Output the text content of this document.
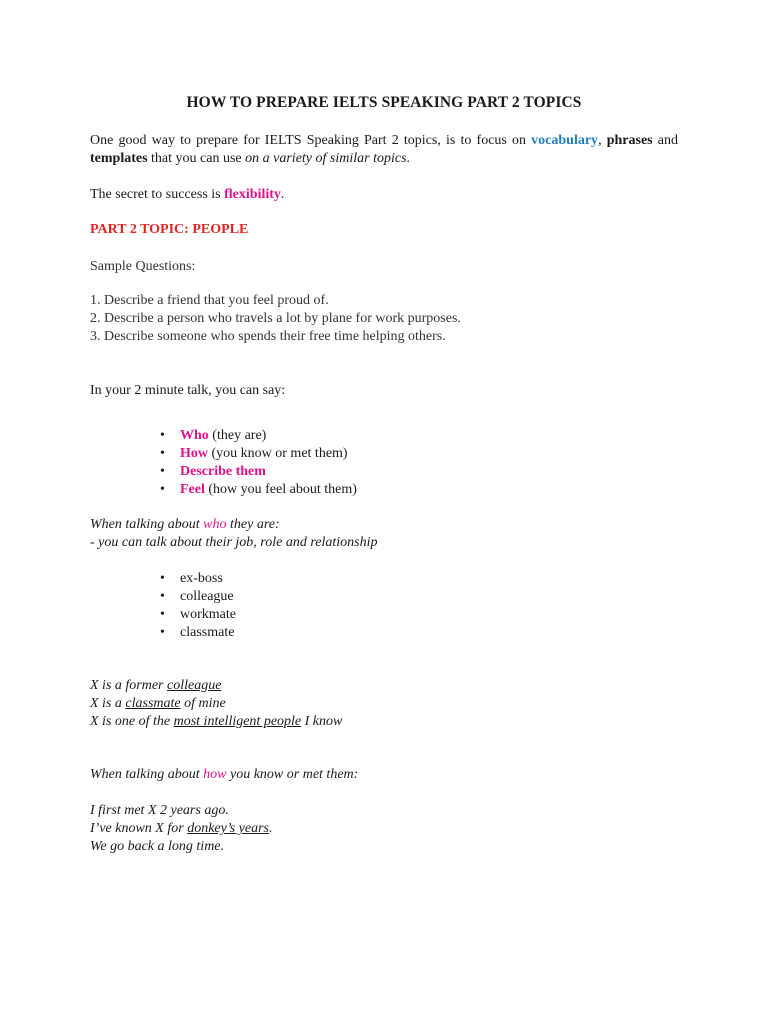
HOW TO PREPARE IELTS SPEAKING PART 2 TOPICS
One good way to prepare for IELTS Speaking Part 2 topics, is to focus on vocabulary, phrases and templates that you can use on a variety of similar topics.
The secret to success is flexibility.
PART 2 TOPIC: PEOPLE
Sample Questions:
1. Describe a friend that you feel proud of.
2. Describe a person who travels a lot by plane for work purposes.
3. Describe someone who spends their free time helping others.
In your 2 minute talk, you can say:
• Who (they are)
• How (you know or met them)
• Describe them
• Feel (how you feel about them)
When talking about who they are:
- you can talk about their job, role and relationship
• ex-boss
• colleague
• workmate
• classmate
X is a former colleague
X is a classmate of mine
X is one of the most intelligent people I know
When talking about how you know or met them:
I first met X 2 years ago.
I’ve known X for donkey’s years.
We go back a long time.
